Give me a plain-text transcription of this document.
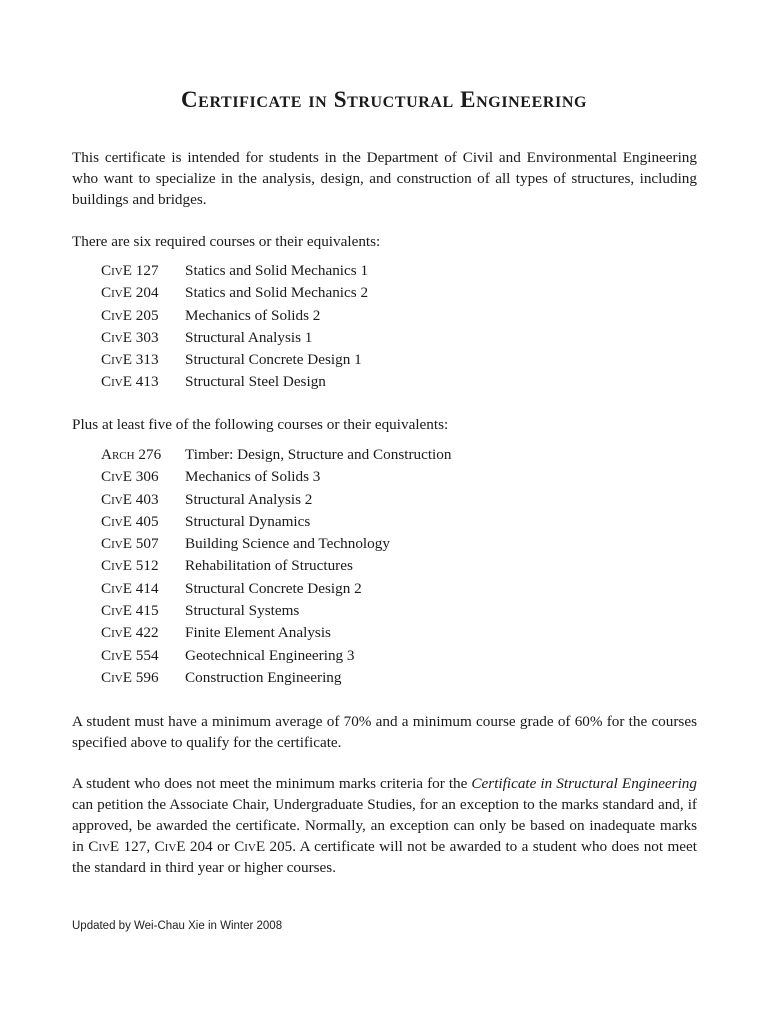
Certificate in Structural Engineering

This certificate is intended for students in the Department of Civil and Environmental Engineering who want to specialize in the analysis, design, and construction of all types of structures, including buildings and bridges.

There are six required courses or their equivalents:

CivE 127	Statics and Solid Mechanics 1
CivE 204	Statics and Solid Mechanics 2
CivE 205	Mechanics of Solids 2
CivE 303	Structural Analysis 1
CivE 313	Structural Concrete Design 1
CivE 413	Structural Steel Design

Plus at least five of the following courses or their equivalents:

Arch 276	Timber: Design, Structure and Construction
CivE 306	Mechanics of Solids 3
CivE 403	Structural Analysis 2
CivE 405	Structural Dynamics
CivE 507	Building Science and Technology
CivE 512	Rehabilitation of Structures
CivE 414	Structural Concrete Design 2
CivE 415	Structural Systems
CivE 422	Finite Element Analysis
CivE 554	Geotechnical Engineering 3
CivE 596	Construction Engineering

A student must have a minimum average of 70% and a minimum course grade of 60% for the courses specified above to qualify for the certificate.

A student who does not meet the minimum marks criteria for the Certificate in Structural Engineering can petition the Associate Chair, Undergraduate Studies, for an exception to the marks standard and, if approved, be awarded the certificate. Normally, an exception can only be based on inadequate marks in CivE 127, CivE 204 or CivE 205. A certificate will not be awarded to a student who does not meet the standard in third year or higher courses.

Updated by Wei-Chau Xie in Winter 2008
